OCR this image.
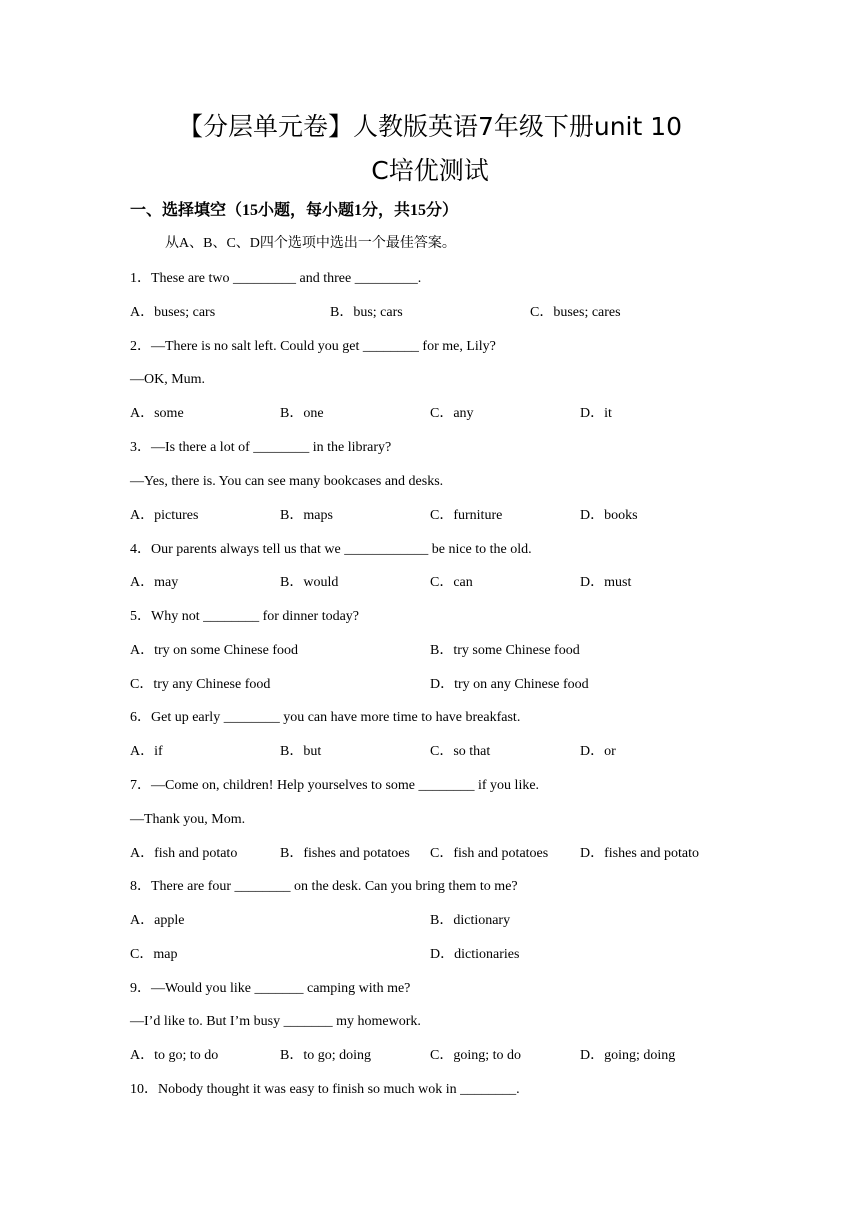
【分层单元卷】人教版英语7年级下册unit 10
C培优测试
一、选择填空（15小题，每小题1分，共15分）
从A、B、C、D四个选项中选出一个最佳答案。
1．These are two _________ and three _________.
A．buses; cars	B．bus; cars	C．buses; cares
2．—There is no salt left. Could you get ________ for me, Lily?
—OK, Mum.
A．some	B．one	C．any	D．it
3．—Is there a lot of ________ in the library?
—Yes, there is. You can see many bookcases and desks.
A．pictures	B．maps	C．furniture	D．books
4．Our parents always tell us that we ____________ be nice to the old.
A．may	B．would	C．can	D．must
5．Why not ________ for dinner today?
A．try on some Chinese food	B．try some Chinese food
C．try any Chinese food	D．try on any Chinese food
6．Get up early ________ you can have more time to have breakfast.
A．if	B．but	C．so that	D．or
7．—Come on, children! Help yourselves to some ________ if you like.
—Thank you, Mom.
A．fish and potato	B．fishes and potatoes C．fish and potatoes D．fishes and potato
8．There are four ________ on the desk. Can you bring them to me?
A．apple	B．dictionary
C．map	D．dictionaries
9．—Would you like _______ camping with me?
—I’d like to. But I’m busy _______ my homework.
A．to go; to do	B．to go; doing	C．going; to do	D．going; doing
10．Nobody thought it was easy to finish so much wok in ________.
